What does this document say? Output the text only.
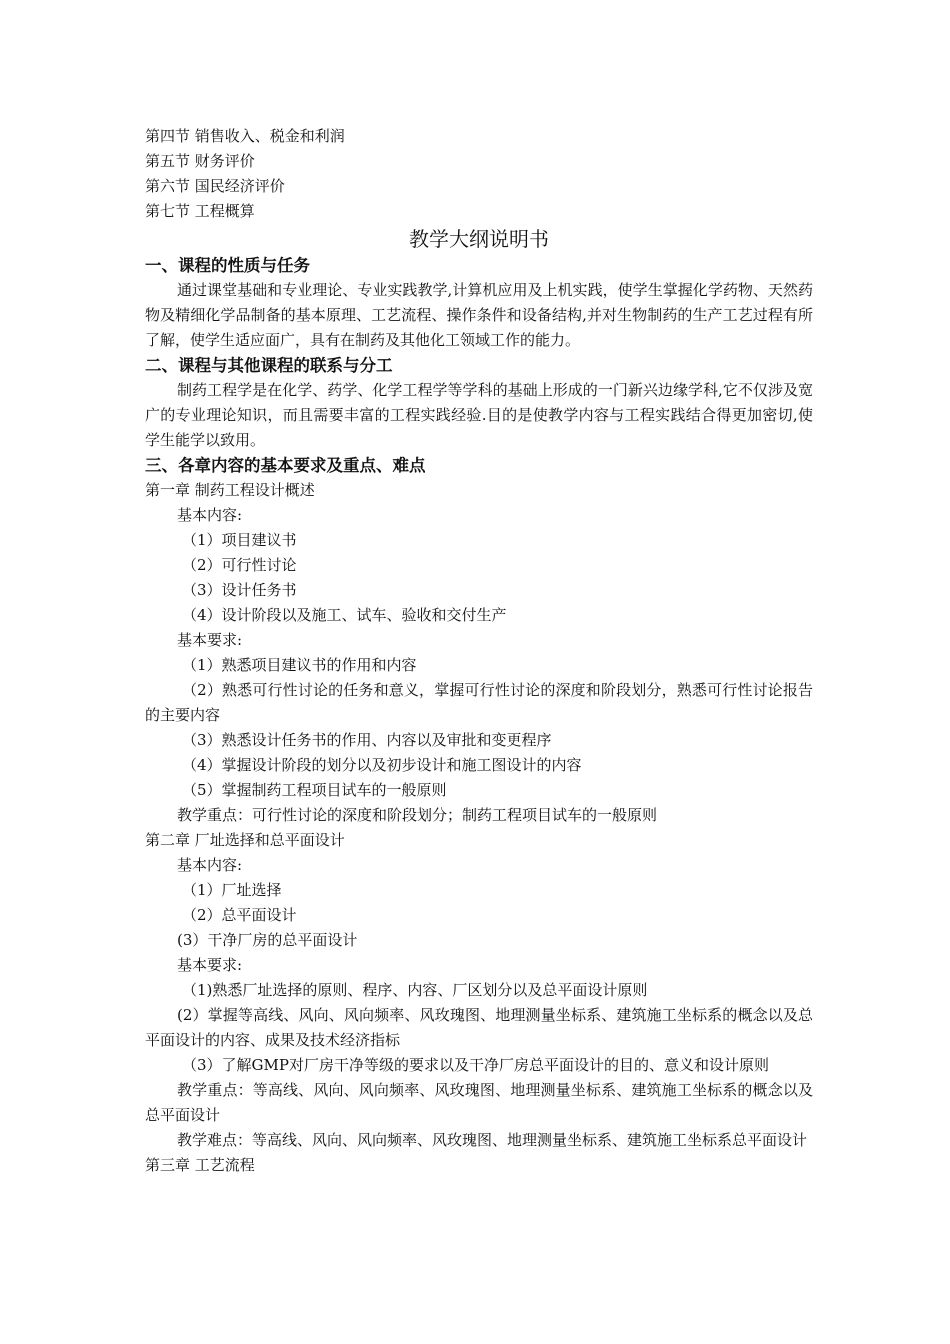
第四节 销售收入、税金和利润
第五节 财务评价
第六节 国民经济评价
第七节 工程概算
教学大纲说明书
一、课程的性质与任务
通过课堂基础和专业理论、专业实践教学,计算机应用及上机实践，使学生掌握化学药物、天然药物及精细化学品制备的基本原理、工艺流程、操作条件和设备结构,并对生物制药的生产工艺过程有所了解，使学生适应面广，具有在制药及其他化工领域工作的能力。
二、课程与其他课程的联系与分工
制药工程学是在化学、药学、化学工程学等学科的基础上形成的一门新兴边缘学科,它不仅涉及宽广的专业理论知识，而且需要丰富的工程实践经验.目的是使教学内容与工程实践结合得更加密切,使学生能学以致用。
三、各章内容的基本要求及重点、难点
第一章 制药工程设计概述
基本内容:
（1）项目建议书
（2）可行性讨论
（3）设计任务书
（4）设计阶段以及施工、试车、验收和交付生产
基本要求:
（1）熟悉项目建议书的作用和内容
（2）熟悉可行性讨论的任务和意义，掌握可行性讨论的深度和阶段划分，熟悉可行性讨论报告的主要内容
（3）熟悉设计任务书的作用、内容以及审批和变更程序
（4）掌握设计阶段的划分以及初步设计和施工图设计的内容
（5）掌握制药工程项目试车的一般原则
教学重点：可行性讨论的深度和阶段划分；制药工程项目试车的一般原则
第二章 厂址选择和总平面设计
基本内容:
（1）厂址选择
（2）总平面设计
(3）干净厂房的总平面设计
基本要求:
（1)熟悉厂址选择的原则、程序、内容、厂区划分以及总平面设计原则
(2）掌握等高线、风向、风向频率、风玫瑰图、地理测量坐标系、建筑施工坐标系的概念以及总平面设计的内容、成果及技术经济指标
（3）了解GMP对厂房干净等级的要求以及干净厂房总平面设计的目的、意义和设计原则
教学重点：等高线、风向、风向频率、风玫瑰图、地理测量坐标系、建筑施工坐标系的概念以及总平面设计
教学难点：等高线、风向、风向频率、风玫瑰图、地理测量坐标系、建筑施工坐标系总平面设计
第三章 工艺流程
